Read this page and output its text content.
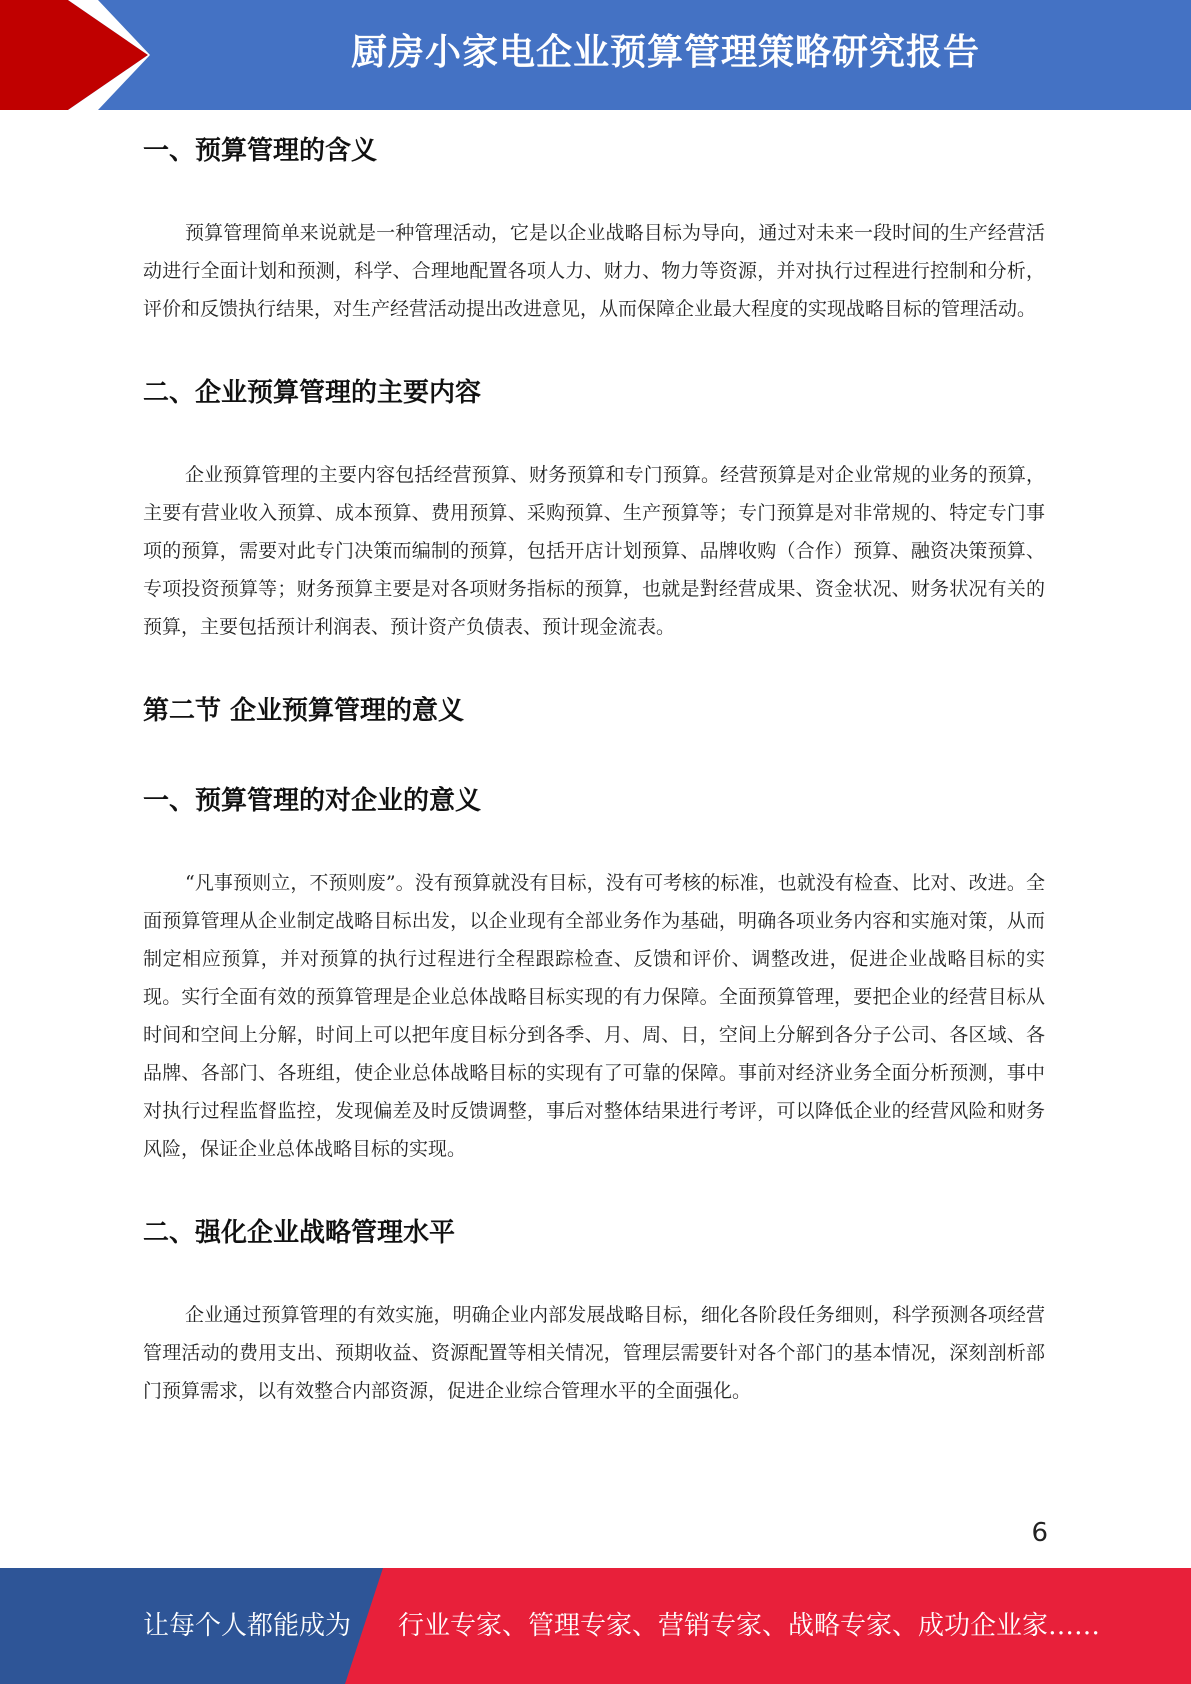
厨房小家电企业预算管理策略研究报告
一、预算管理的含义

预算管理简单来说就是一种管理活动，它是以企业战略目标为导向，通过对未来一段时间的生产经营活动进行全面计划和预测，科学、合理地配置各项人力、财力、物力等资源，并对执行过程进行控制和分析，评价和反馈执行结果，对生产经营活动提出改进意见，从而保障企业最大程度的实现战略目标的管理活动。

二、企业预算管理的主要内容

企业预算管理的主要内容包括经营预算、财务预算和专门预算。经营预算是对企业常规的业务的预算，主要有营业收入预算、成本预算、费用预算、采购预算、生产预算等；专门预算是对非常规的、特定专门事项的预算，需要对此专门决策而编制的预算，包括开店计划预算、品牌收购（合作）预算、融资决策预算、专项投资预算等；财务预算主要是对各项财务指标的预算，也就是對经营成果、资金状况、财务状况有关的预算，主要包括预计利润表、预计资产负债表、预计现金流表。

第二节 企业预算管理的意义
一、预算管理的对企业的意义

“凡事预则立，不预则废”。没有预算就没有目标，没有可考核的标准，也就没有检查、比对、改进。全面预算管理从企业制定战略目标出发，以企业现有全部业务作为基础，明确各项业务内容和实施对策，从而制定相应预算，并对预算的执行过程进行全程跟踪检查、反馈和评价、调整改进，促进企业战略目标的实现。实行全面有效的预算管理是企业总体战略目标实现的有力保障。全面预算管理，要把企业的经营目标从时间和空间上分解，时间上可以把年度目标分到各季、月、周、日，空间上分解到各分子公司、各区域、各品牌、各部门、各班组，使企业总体战略目标的实现有了可靠的保障。事前对经济业务全面分析预测，事中对执行过程监督监控，发现偏差及时反馈调整，事后对整体结果进行考评，可以降低企业的经营风险和财务风险，保证企业总体战略目标的实现。

二、强化企业战略管理水平

企业通过预算管理的有效实施，明确企业内部发展战略目标，细化各阶段任务细则，科学预测各项经营管理活动的费用支出、预期收益、资源配置等相关情况，管理层需要针对各个部门的基本情况，深刻剖析部门预算需求，以有效整合内部资源，促进企业综合管理水平的全面强化。

6
让每个人都能成为 行业专家、管理专家、营销专家、战略专家、成功企业家……
